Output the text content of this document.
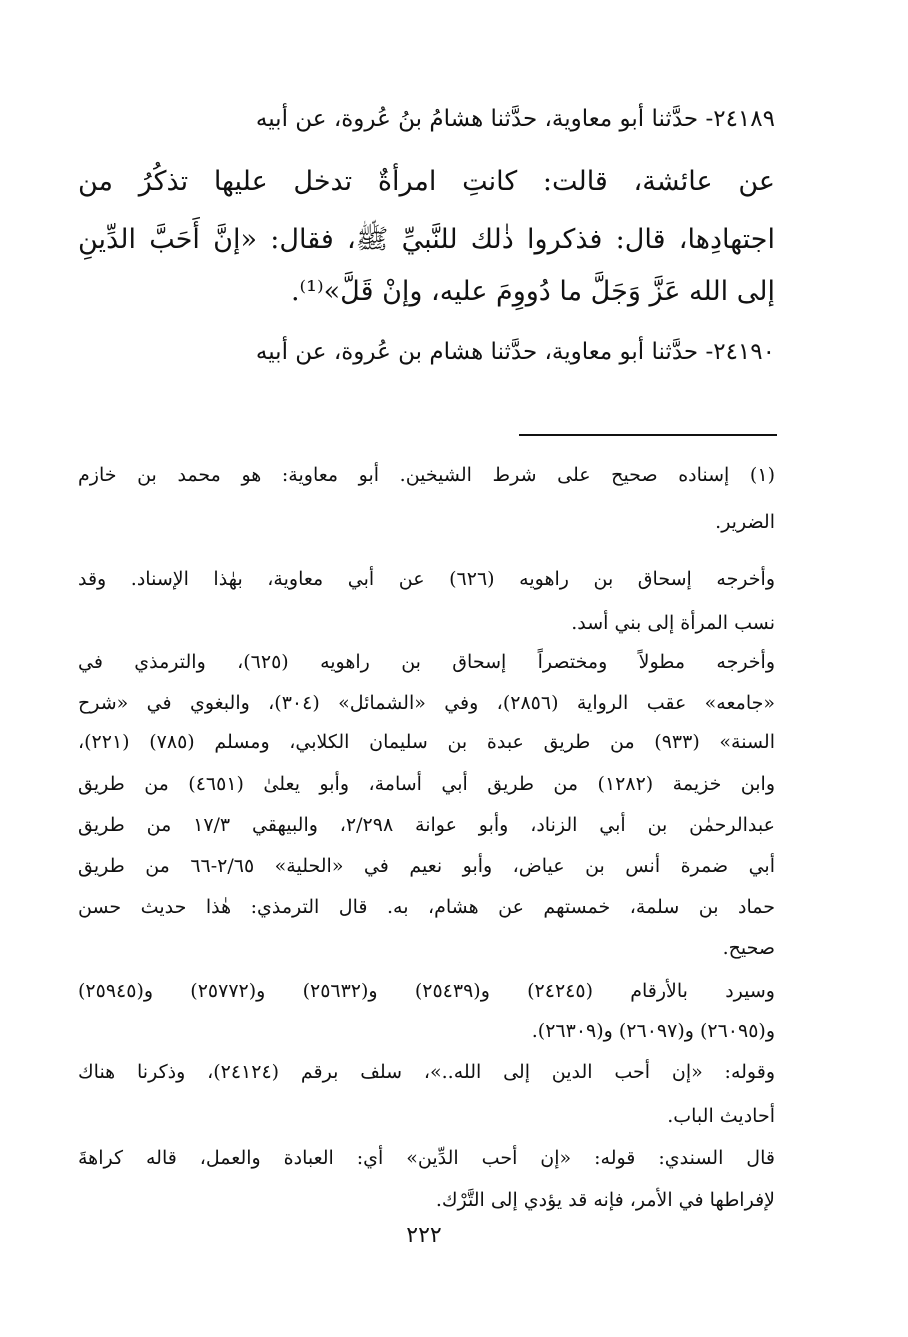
٢٤١٨٩- حدَّثنا أبو معاوية، حدَّثنا هشامُ بنُ عُروة، عن أبيه
عن عائشة، قالت: كانتِ امرأةٌ تدخل عليها تذكُرُ من
اجتهادِها، قال: فذكروا ذٰلك للنَّبيِّ ﷺ، فقال: «إنَّ أَحَبَّ الدِّينِ
إلى الله عَزَّ وَجَلَّ ما دُووِمَ عليه، وإنْ قَلَّ»⁽¹⁾.
٢٤١٩٠- حدَّثنا أبو معاوية، حدَّثنا هشام بن عُروة، عن أبيه
(١) إسناده صحيح على شرط الشيخين. أبو معاوية: هو محمد بن خازم
الضرير.
وأخرجه إسحاق بن راهويه (٦٢٦) عن أبي معاوية، بهٰذا الإسناد. وقد
نسب المرأة إلى بني أسد.
وأخرجه مطولاً ومختصراً إسحاق بن راهويه (٦٢٥)، والترمذي في
«جامعه» عقب الرواية (٢٨٥٦)، وفي «الشمائل» (٣٠٤)، والبغوي في «شرح
السنة» (٩٣٣) من طريق عبدة بن سليمان الكلابي، ومسلم (٧٨٥) (٢٢١)،
وابن خزيمة (١٢٨٢) من طريق أبي أسامة، وأبو يعلىٰ (٤٦٥١) من طريق
عبدالرحمٰن بن أبي الزناد، وأبو عوانة ٢/٢٩٨، والبيهقي ١٧/٣ من طريق
أبي ضمرة أنس بن عياض، وأبو نعيم في «الحلية» ٢/٦٥-٦٦ من طريق
حماد بن سلمة، خمستهم عن هشام، به. قال الترمذي: هٰذا حديث حسن
صحيح.
وسيرد بالأرقام (٢٤٢٤٥) و(٢٥٤٣٩) و(٢٥٦٣٢) و(٢٥٧٧٢) و(٢٥٩٤٥)
و(٢٦٠٩٥) و(٢٦٠٩٧) و(٢٦٣٠٩).
وقوله: «إن أحب الدين إلى الله..»، سلف برقم (٢٤١٢٤)، وذكرنا هناك
أحاديث الباب.
قال السندي: قوله: «إن أحب الدِّين» أي: العبادة والعمل، قاله كراهةَ
لإفراطها في الأمر، فإنه قد يؤدي إلى التَّرْك.
٢٢٢
